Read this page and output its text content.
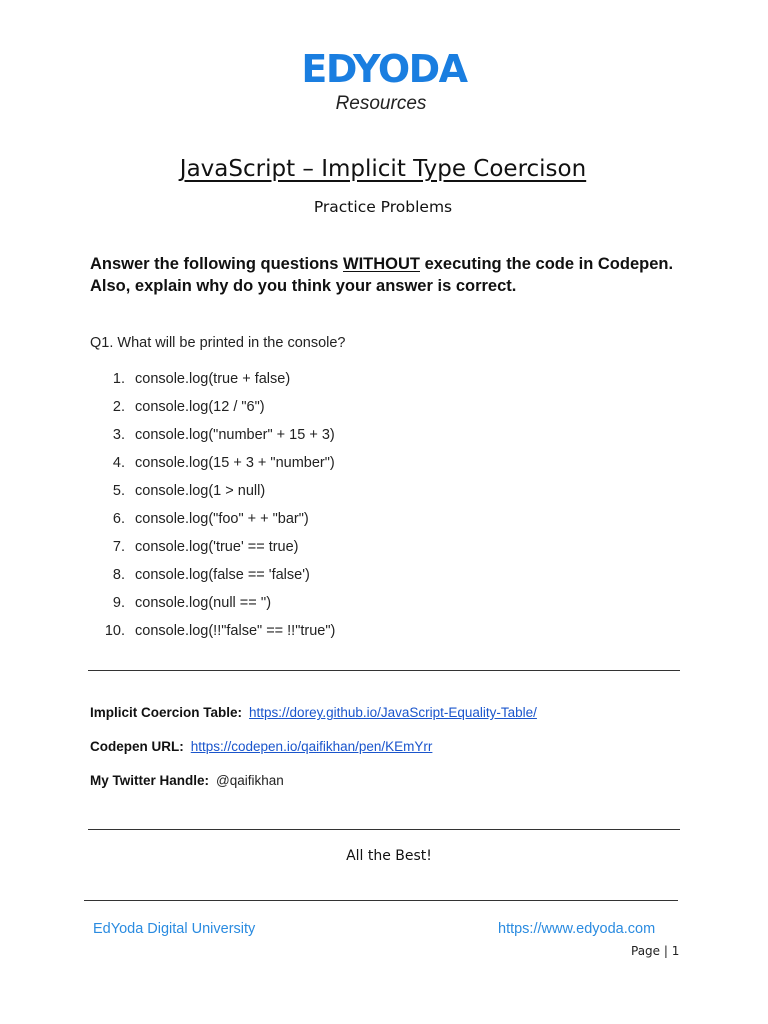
EDYODA
Resources
JavaScript – Implicit Type Coercison
Practice Problems
Answer the following questions WITHOUT executing the code in Codepen. Also, explain why do you think your answer is correct.
Q1. What will be printed in the console?
1. console.log(true + false)
2. console.log(12 / "6")
3. console.log("number" + 15 + 3)
4. console.log(15 + 3 + "number")
5. console.log(1 > null)
6. console.log("foo" + + "bar")
7. console.log('true' == true)
8. console.log(false == 'false')
9. console.log(null == '')
10. console.log(!!"false" == !!"true")
Implicit Coercion Table: https://dorey.github.io/JavaScript-Equality-Table/
Codepen URL: https://codepen.io/qaifikhan/pen/KEmYrr
My Twitter Handle: @qaifikhan
All the Best!
EdYoda Digital University	https://www.edyoda.com
Page | 1
